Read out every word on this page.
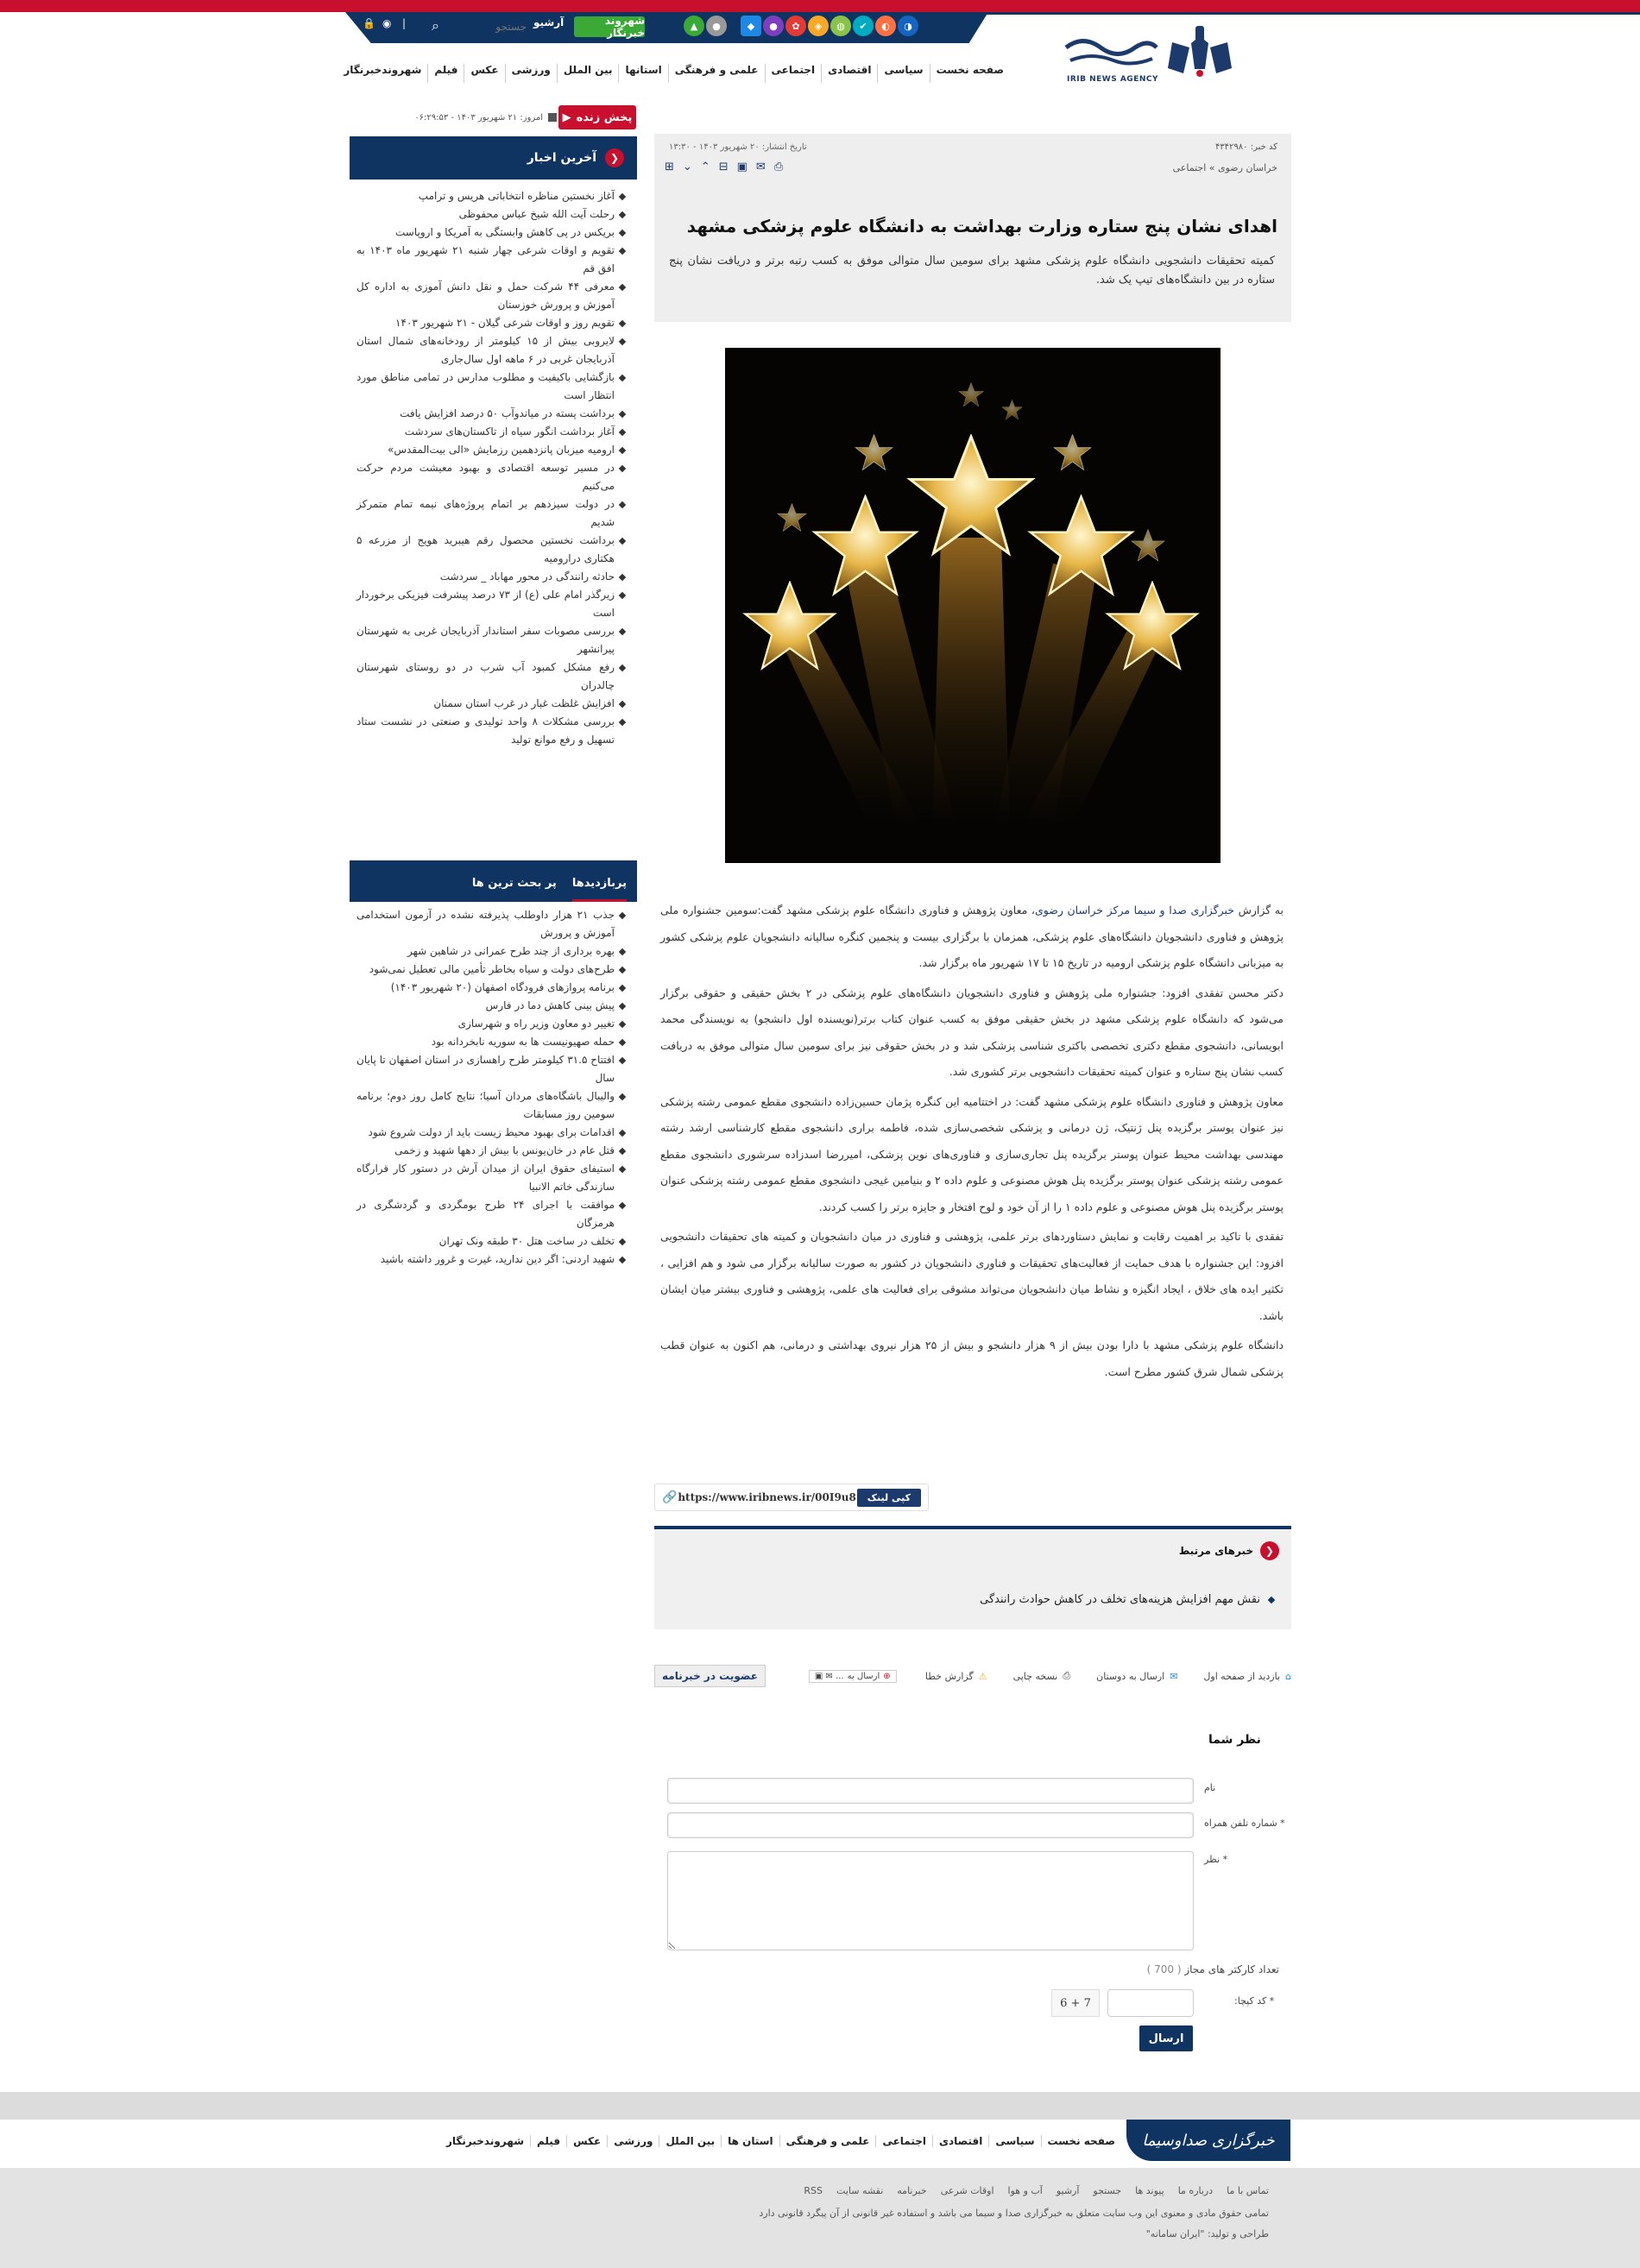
🔒 ◉ | ⌕
جستجو	آرشیو	شهروند خبرنگار
▲	●	◆	●	✿	◈	◍	✔	◐	◑
IRIB NEWS AGENCY
صفحه نخست
سیاسی
اقتصادی
اجتماعی
علمی و فرهنگی
استانها
بین الملل
ورزشی
عکس
فیلم
شهروندخبرنگار
پخش زنده
▶
امروز: ۲۱ شهریور ۱۴۰۳ - ۰۶:۲۹:۵۳
❮
آخرین اخبار
آغاز نخستین مناظره انتخاباتی هریس و ترامپ
رحلت آیت الله شیخ عباس محفوظی
بریکس در پی کاهش وابستگی به آمریکا و اروپاست
تقویم و اوقات شرعی چهار شنبه ۲۱ شهریور ماه ۱۴۰۳ به افق قم
معرفی ۴۴ شرکت حمل و نقل دانش آموزی به اداره کل آموزش و پرورش خوزستان
تقویم روز و اوقات شرعی گیلان - ۲۱ شهریور ۱۴۰۳
لایروبی بیش از ۱۵ کیلومتر از رودخانه‌های شمال استان آذربایجان غربی در ۶ ماهه اول سال‌جاری
بازگشایی باکیفیت و مطلوب مدارس در تمامی مناطق مورد انتظار است
برداشت پسته در میاندوآب ۵۰ درصد افزایش یافت
آغاز برداشت انگور سیاه از تاکستان‌های سردشت
ارومیه میزبان پانزدهمین رزمایش «الی بیت‌المقدس»
در مسیر توسعه اقتصادی و بهبود معیشت مردم حرکت می‌کنیم
در دولت سیزدهم بر اتمام پروژه‌های نیمه تمام متمرکز شدیم
برداشت نخستین محصول رقم هیبرید هویج از مزرعه ۵ هکتاری درارومیه
حادثه رانندگی در محور مهاباد _ سردشت
زیرگذر امام علی (ع) از ۷۳ درصد پیشرفت فیزیکی برخوردار است
بررسی مصوبات سفر استاندار آذربایجان غربی به شهرستان پیرانشهر
رفع مشکل کمبود آب شرب در دو روستای شهرستان چالدران
افزایش غلظت غبار در غرب استان سمنان
بررسی مشکلات ۸ واحد تولیدی و صنعتی در نشست ستاد تسهیل و رفع موانع تولید
پربازدیدها
پر بحث ترین ها
جذب ۲۱ هزار داوطلب پذیرفته نشده در آزمون استخدامی آموزش و پرورش
بهره برداری از چند طرح عمرانی در شاهین شهر
طرح‌های دولت و سیاه بخاطر تأمین مالی تعطیل نمی‌شود
برنامه پروازهای فرودگاه اصفهان (۲۰ شهریور ۱۴۰۳)
پیش بینی کاهش دما در فارس
تغییر دو معاون وزیر راه و شهرسازی
حمله صهیونیست ها به سوریه نابخردانه بود
افتتاح ۳۱.۵ کیلومتر طرح راهسازی در استان اصفهان تا پایان سال
والیبال باشگاه‌های مردان آسیا؛ نتایج کامل روز دوم؛ برنامه سومین روز مسابقات
اقدامات برای بهبود محیط زیست باید از دولت شروع شود
قتل عام در خان‌یونس با بیش از دهها شهید و زخمی
استیفای حقوق ایران از میدان آرش در دستور کار قرارگاه سازندگی خاتم الانبیا
موافقت با اجرای ۲۴ طرح بومگردی و گردشگری در هرمزگان
تخلف در ساخت هتل ۳۰ طبقه ونک تهران
شهید اردنی: اگر دین ندارید، غیرت و غرور داشته باشید
کد خبر: ۴۳۴۲۹۸۰
تاریخ انتشار: ۲۰ شهریور ۱۴۰۳ - ۱۳:۳۰
خراسان رضوی » اجتماعی
⊞ ⌄ ⌃ ⊟ ▣ ✉ ⎙
اهدای نشان پنج ستاره وزارت بهداشت به دانشگاه علوم پزشکی مشهد

کمیته تحقیقات دانشجویی دانشگاه علوم پزشکی مشهد برای سومین سال متوالی موفق به کسب رتبه برتر و دریافت نشان پنج ستاره در بین دانشگاه‌های تیپ یک شد.

به گزارش خبرگزاری صدا و سیما مرکز خراسان رضوی، معاون پژوهش و فناوری دانشگاه علوم پزشکی مشهد گفت:سومین جشنواره ملی پژوهش و فناوری دانشجویان دانشگاه‌های علوم پزشکی، همزمان با برگزاری بیست و پنجمین کنگره سالیانه دانشجویان علوم پزشکی کشور به میزبانی دانشگاه علوم پزشکی ارومیه در تاریخ ۱۵ تا ۱۷ شهریور ماه برگزار شد.

دکتر محسن تفقدی افزود: جشنواره ملی پژوهش و فناوری دانشجویان دانشگاه‌های علوم پزشکی در ۲ بخش حقیقی و حقوقی برگزار می‌شود که دانشگاه علوم پزشکی مشهد در بخش حقیقی موفق به کسب عنوان کتاب برتر(نویسنده اول دانشجو) به نویسندگی محمد ابویسانی، دانشجوی مقطع دکتری تخصصی باکتری شناسی پزشکی شد و در بخش حقوقی نیز برای سومین سال متوالی موفق به دریافت کسب نشان پنج ستاره و عنوان کمیته تحقیقات دانشجویی برتر کشوری شد.

معاون پژوهش و فناوری دانشگاه علوم پزشکی مشهد گفت: در اختتامیه این کنگره پژمان حسین‌زاده دانشجوی مقطع عمومی رشته پزشکی نیز عنوان پوستر برگزیده پنل ژنتیک، ژن درمانی و پزشکی شخصی‌سازی شده، فاطمه براری دانشجوی مقطع کارشناسی ارشد رشته مهندسی بهداشت محیط عنوان پوستر برگزیده پنل تجاری‌سازی و فناوری‌های نوین پزشکی، امیررضا اسدزاده سرشوری دانشجوی مقطع عمومی رشته پزشکی عنوان پوستر برگزیده پنل هوش مصنوعی و علوم داده ۲ و بنیامین غیجی دانشجوی مقطع عمومی رشته پزشکی عنوان پوستر برگزیده پنل هوش مصنوعی و علوم داده ۱ را از آن خود و لوح افتخار و جایزه برتر را کسب کردند.

تفقدی با تاکید بر اهمیت رقابت و نمایش دستاوردهای برتر علمی، پژوهشی و فناوری در میان دانشجویان و کمیته های تحقیقات دانشجویی افزود: این جشنواره با هدف حمایت از فعالیت‌های تحقیقات و فناوری دانشجویان در کشور به صورت سالیانه برگزار می شود و هم افزایی ، تکثیر ایده های خلاق ، ایجاد انگیزه و نشاط میان دانشجویان می‌تواند مشوقی برای فعالیت های علمی، پژوهشی و فناوری بیشتر میان ایشان باشد.

دانشگاه علوم پزشکی مشهد با دارا بودن بیش از ۹ هزار دانشجو و بیش از ۲۵ هزار نیروی بهداشتی و درمانی، هم اکنون به عنوان قطب پزشکی شمال شرق کشور مطرح است.

کپی لینک
https://www.iribnews.ir/00I9u8
🔗
❮
خبرهای مرتبط
نقش مهم افزایش هزینه‌های تخلف در کاهش حوادث رانندگی
⌂
بازدید از صفحه اول
✉
ارسال به دوستان
⎙
نسخه چاپی
⚠
گزارش خطا
⊕
ارسال به
... ✉ ▣
عضویت در خبرنامه
نظر شما
نام
* شماره تلفن همراه
* نظر
تعداد کارکتر های مجاز ( 700 )
* کد کپچا:
7 + 6
ارسال
خبرگزاری صداوسیما
صفحه نخست
سیاسی
اقتصادی
اجتماعی
علمی و فرهنگی
استان ها
بین الملل
ورزشی
عکس
فیلم
شهروندخبرنگار
تماس با ما
درباره ما
پیوند ها
جستجو
آرشیو
آب و هوا
اوقات شرعی
خبرنامه
نقشه سایت
RSS
تمامی حقوق مادی و معنوی این وب سایت متعلق به خبرگزاری صدا و سیما می باشد و استفاده غیر قانونی از آن پیگرد قانونی دارد
طراحی و تولید: "ایران سامانه"
